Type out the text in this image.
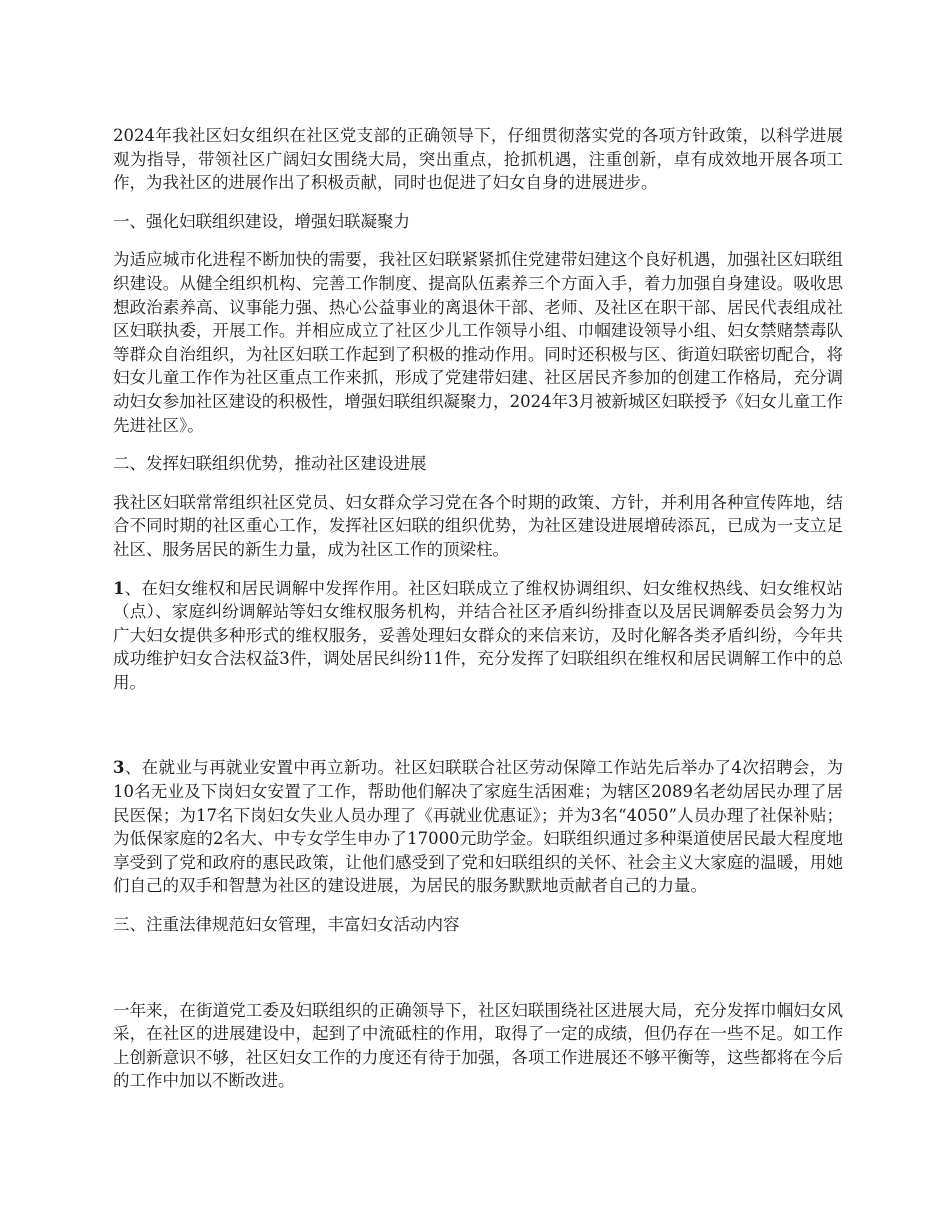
2024年我社区妇女组织在社区党支部的正确领导下，仔细贯彻落实党的各项方针政策，以科学进展观为指导，带领社区广阔妇女围绕大局，突出重点，抢抓机遇，注重创新，卓有成效地开展各项工作，为我社区的进展作出了积极贡献，同时也促进了妇女自身的进展进步。

一、强化妇联组织建设，增强妇联凝聚力

为适应城市化进程不断加快的需要，我社区妇联紧紧抓住党建带妇建这个良好机遇，加强社区妇联组织建设。从健全组织机构、完善工作制度、提高队伍素养三个方面入手，着力加强自身建设。吸收思想政治素养高、议事能力强、热心公益事业的离退休干部、老师、及社区在职干部、居民代表组成社区妇联执委，开展工作。并相应成立了社区少儿工作领导小组、巾帼建设领导小组、妇女禁赌禁毒队等群众自治组织，为社区妇联工作起到了积极的推动作用。同时还积极与区、街道妇联密切配合，将妇女儿童工作作为社区重点工作来抓，形成了党建带妇建、社区居民齐参加的创建工作格局，充分调动妇女参加社区建设的积极性，增强妇联组织凝聚力，2024年3月被新城区妇联授予《妇女儿童工作先进社区》。

二、发挥妇联组织优势，推动社区建设进展

我社区妇联常常组织社区党员、妇女群众学习党在各个时期的政策、方针，并利用各种宣传阵地，结合不同时期的社区重心工作，发挥社区妇联的组织优势，为社区建设进展增砖添瓦，已成为一支立足社区、服务居民的新生力量，成为社区工作的顶梁柱。

1、在妇女维权和居民调解中发挥作用。社区妇联成立了维权协调组织、妇女维权热线、妇女维权站（点）、家庭纠纷调解站等妇女维权服务机构，并结合社区矛盾纠纷排查以及居民调解委员会努力为广大妇女提供多种形式的维权服务，妥善处理妇女群众的来信来访，及时化解各类矛盾纠纷，今年共成功维护妇女合法权益3件，调处居民纠纷11件，充分发挥了妇联组织在维权和居民调解工作中的总用。

3、在就业与再就业安置中再立新功。社区妇联联合社区劳动保障工作站先后举办了4次招聘会，为10名无业及下岗妇女安置了工作，帮助他们解决了家庭生活困难；为辖区2089名老幼居民办理了居民医保；为17名下岗妇女失业人员办理了《再就业优惠证》；并为3名“4050”人员办理了社保补贴；为低保家庭的2名大、中专女学生申办了17000元助学金。妇联组织通过多种渠道使居民最大程度地享受到了党和政府的惠民政策，让他们感受到了党和妇联组织的关怀、社会主义大家庭的温暖，用她们自己的双手和智慧为社区的建设进展，为居民的服务默默地贡献者自己的力量。

三、注重法律规范妇女管理，丰富妇女活动内容

一年来，在街道党工委及妇联组织的正确领导下，社区妇联围绕社区进展大局，充分发挥巾帼妇女风采，在社区的进展建设中，起到了中流砥柱的作用，取得了一定的成绩，但仍存在一些不足。如工作上创新意识不够，社区妇女工作的力度还有待于加强，各项工作进展还不够平衡等，这些都将在今后的工作中加以不断改进。
